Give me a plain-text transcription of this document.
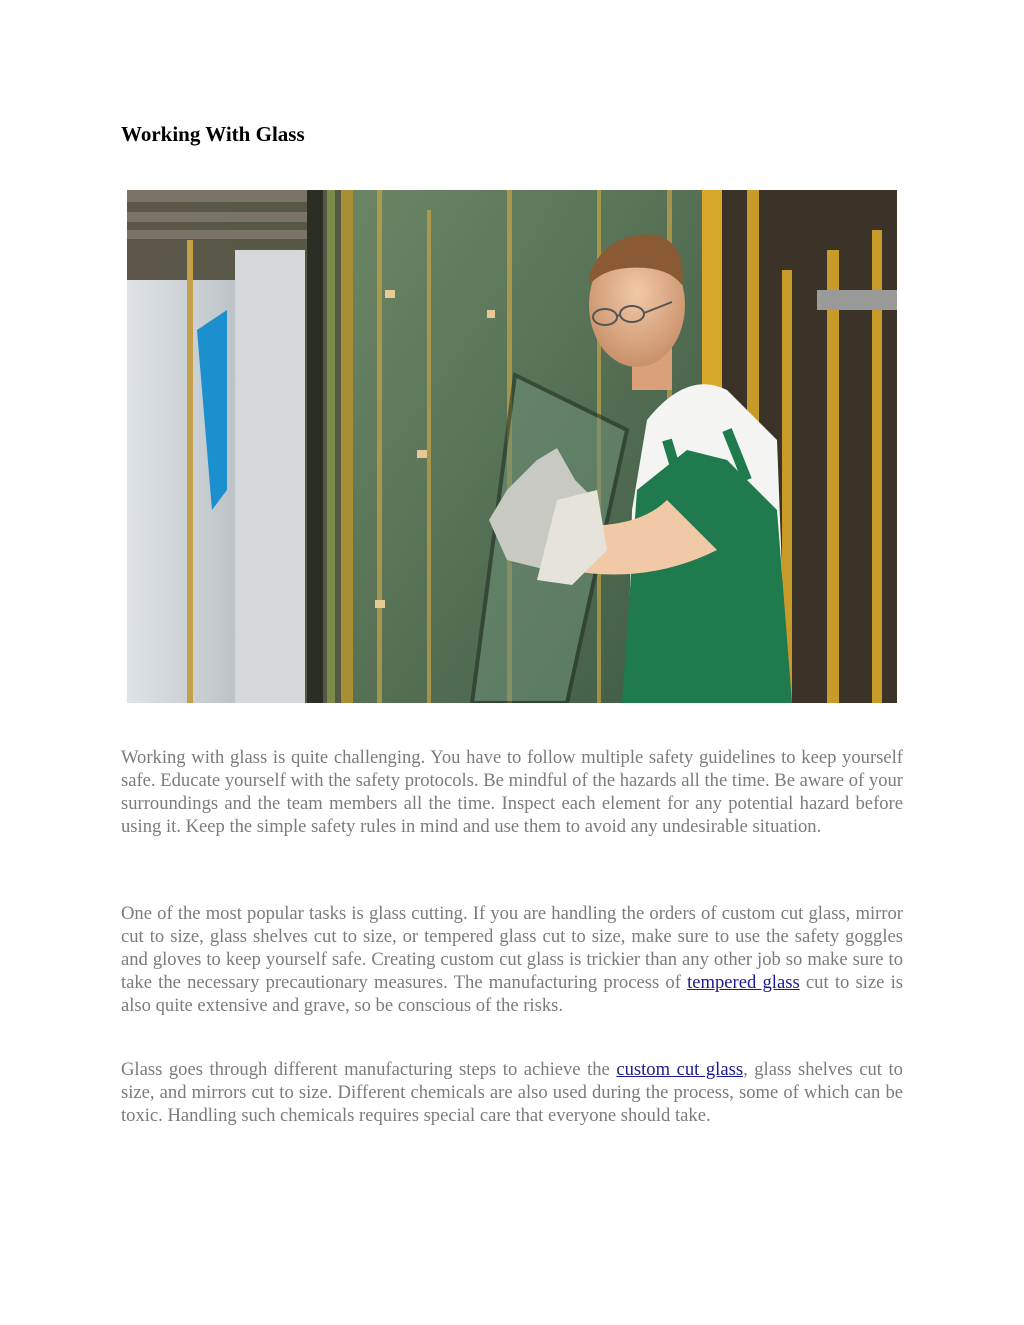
Working With Glass

Working with glass is quite challenging. You have to follow multiple safety guidelines to keep yourself safe. Educate yourself with the safety protocols. Be mindful of the hazards all the time. Be aware of your surroundings and the team members all the time. Inspect each element for any potential hazard before using it. Keep the simple safety rules in mind and use them to avoid any undesirable situation.

One of the most popular tasks is glass cutting. If you are handling the orders of custom cut glass, mirror cut to size, glass shelves cut to size, or tempered glass cut to size, make sure to use the safety goggles and gloves to keep yourself safe. Creating custom cut glass is trickier than any other job so make sure to take the necessary precautionary measures. The manufacturing process of tempered glass cut to size is also quite extensive and grave, so be conscious of the risks.

Glass goes through different manufacturing steps to achieve the custom cut glass, glass shelves cut to size, and mirrors cut to size. Different chemicals are also used during the process, some of which can be toxic. Handling such chemicals requires special care that everyone should take.
